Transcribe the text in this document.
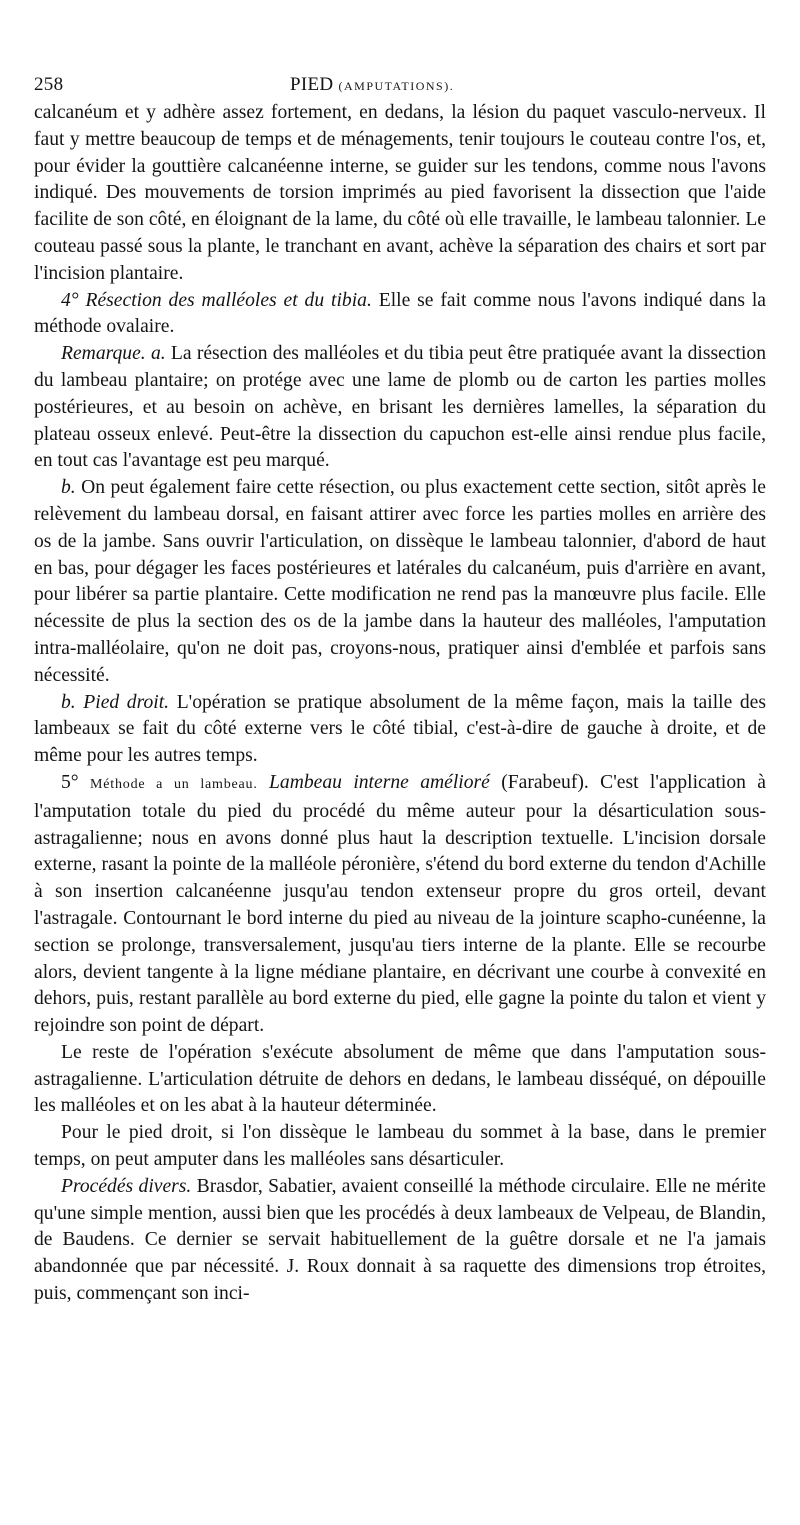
258	PIED (AMPUTATIONS).

calcanéum et y adhère assez fortement, en dedans, la lésion du paquet vasculo-nerveux. Il faut y mettre beaucoup de temps et de ménagements, tenir toujours le couteau contre l'os, et, pour évider la gouttière calcanéenne interne, se guider sur les tendons, comme nous l'avons indiqué. Des mouvements de torsion imprimés au pied favorisent la dissection que l'aide facilite de son côté, en éloignant de la lame, du côté où elle travaille, le lambeau talonnier. Le couteau passé sous la plante, le tranchant en avant, achève la séparation des chairs et sort par l'incision plantaire.

4° Résection des malléoles et du tibia. Elle se fait comme nous l'avons indiqué dans la méthode ovalaire.

Remarque. a. La résection des malléoles et du tibia peut être pratiquée avant la dissection du lambeau plantaire; on protége avec une lame de plomb ou de carton les parties molles postérieures, et au besoin on achève, en brisant les dernières lamelles, la séparation du plateau osseux enlevé. Peut-être la dissection du capuchon est-elle ainsi rendue plus facile, en tout cas l'avantage est peu marqué.

b. On peut également faire cette résection, ou plus exactement cette section, sitôt après le relèvement du lambeau dorsal, en faisant attirer avec force les parties molles en arrière des os de la jambe. Sans ouvrir l'articulation, on dissèque le lambeau talonnier, d'abord de haut en bas, pour dégager les faces postérieures et latérales du calcanéum, puis d'arrière en avant, pour libérer sa partie plantaire. Cette modification ne rend pas la manœuvre plus facile. Elle nécessite de plus la section des os de la jambe dans la hauteur des malléoles, l'amputation intra-malléolaire, qu'on ne doit pas, croyons-nous, pratiquer ainsi d'emblée et parfois sans nécessité.

b. Pied droit. L'opération se pratique absolument de la même façon, mais la taille des lambeaux se fait du côté externe vers le côté tibial, c'est-à-dire de gauche à droite, et de même pour les autres temps.

5° Méthode a un lambeau. Lambeau interne amélioré (Farabeuf). C'est l'application à l'amputation totale du pied du procédé du même auteur pour la désarticulation sous-astragalienne; nous en avons donné plus haut la description textuelle. L'incision dorsale externe, rasant la pointe de la malléole péronière, s'étend du bord externe du tendon d'Achille à son insertion calcanéenne jusqu'au tendon extenseur propre du gros orteil, devant l'astragale. Contournant le bord interne du pied au niveau de la jointure scapho-cunéenne, la section se prolonge, transversalement, jusqu'au tiers interne de la plante. Elle se recourbe alors, devient tangente à la ligne médiane plantaire, en décrivant une courbe à convexité en dehors, puis, restant parallèle au bord externe du pied, elle gagne la pointe du talon et vient y rejoindre son point de départ.

Le reste de l'opération s'exécute absolument de même que dans l'amputation sous-astragalienne. L'articulation détruite de dehors en dedans, le lambeau disséqué, on dépouille les malléoles et on les abat à la hauteur déterminée.

Pour le pied droit, si l'on dissèque le lambeau du sommet à la base, dans le premier temps, on peut amputer dans les malléoles sans désarticuler.

Procédés divers. Brasdor, Sabatier, avaient conseillé la méthode circulaire. Elle ne mérite qu'une simple mention, aussi bien que les procédés à deux lambeaux de Velpeau, de Blandin, de Baudens. Ce dernier se servait habituellement de la guêtre dorsale et ne l'a jamais abandonnée que par nécessité. J. Roux donnait à sa raquette des dimensions trop étroites, puis, commençant son inci-
